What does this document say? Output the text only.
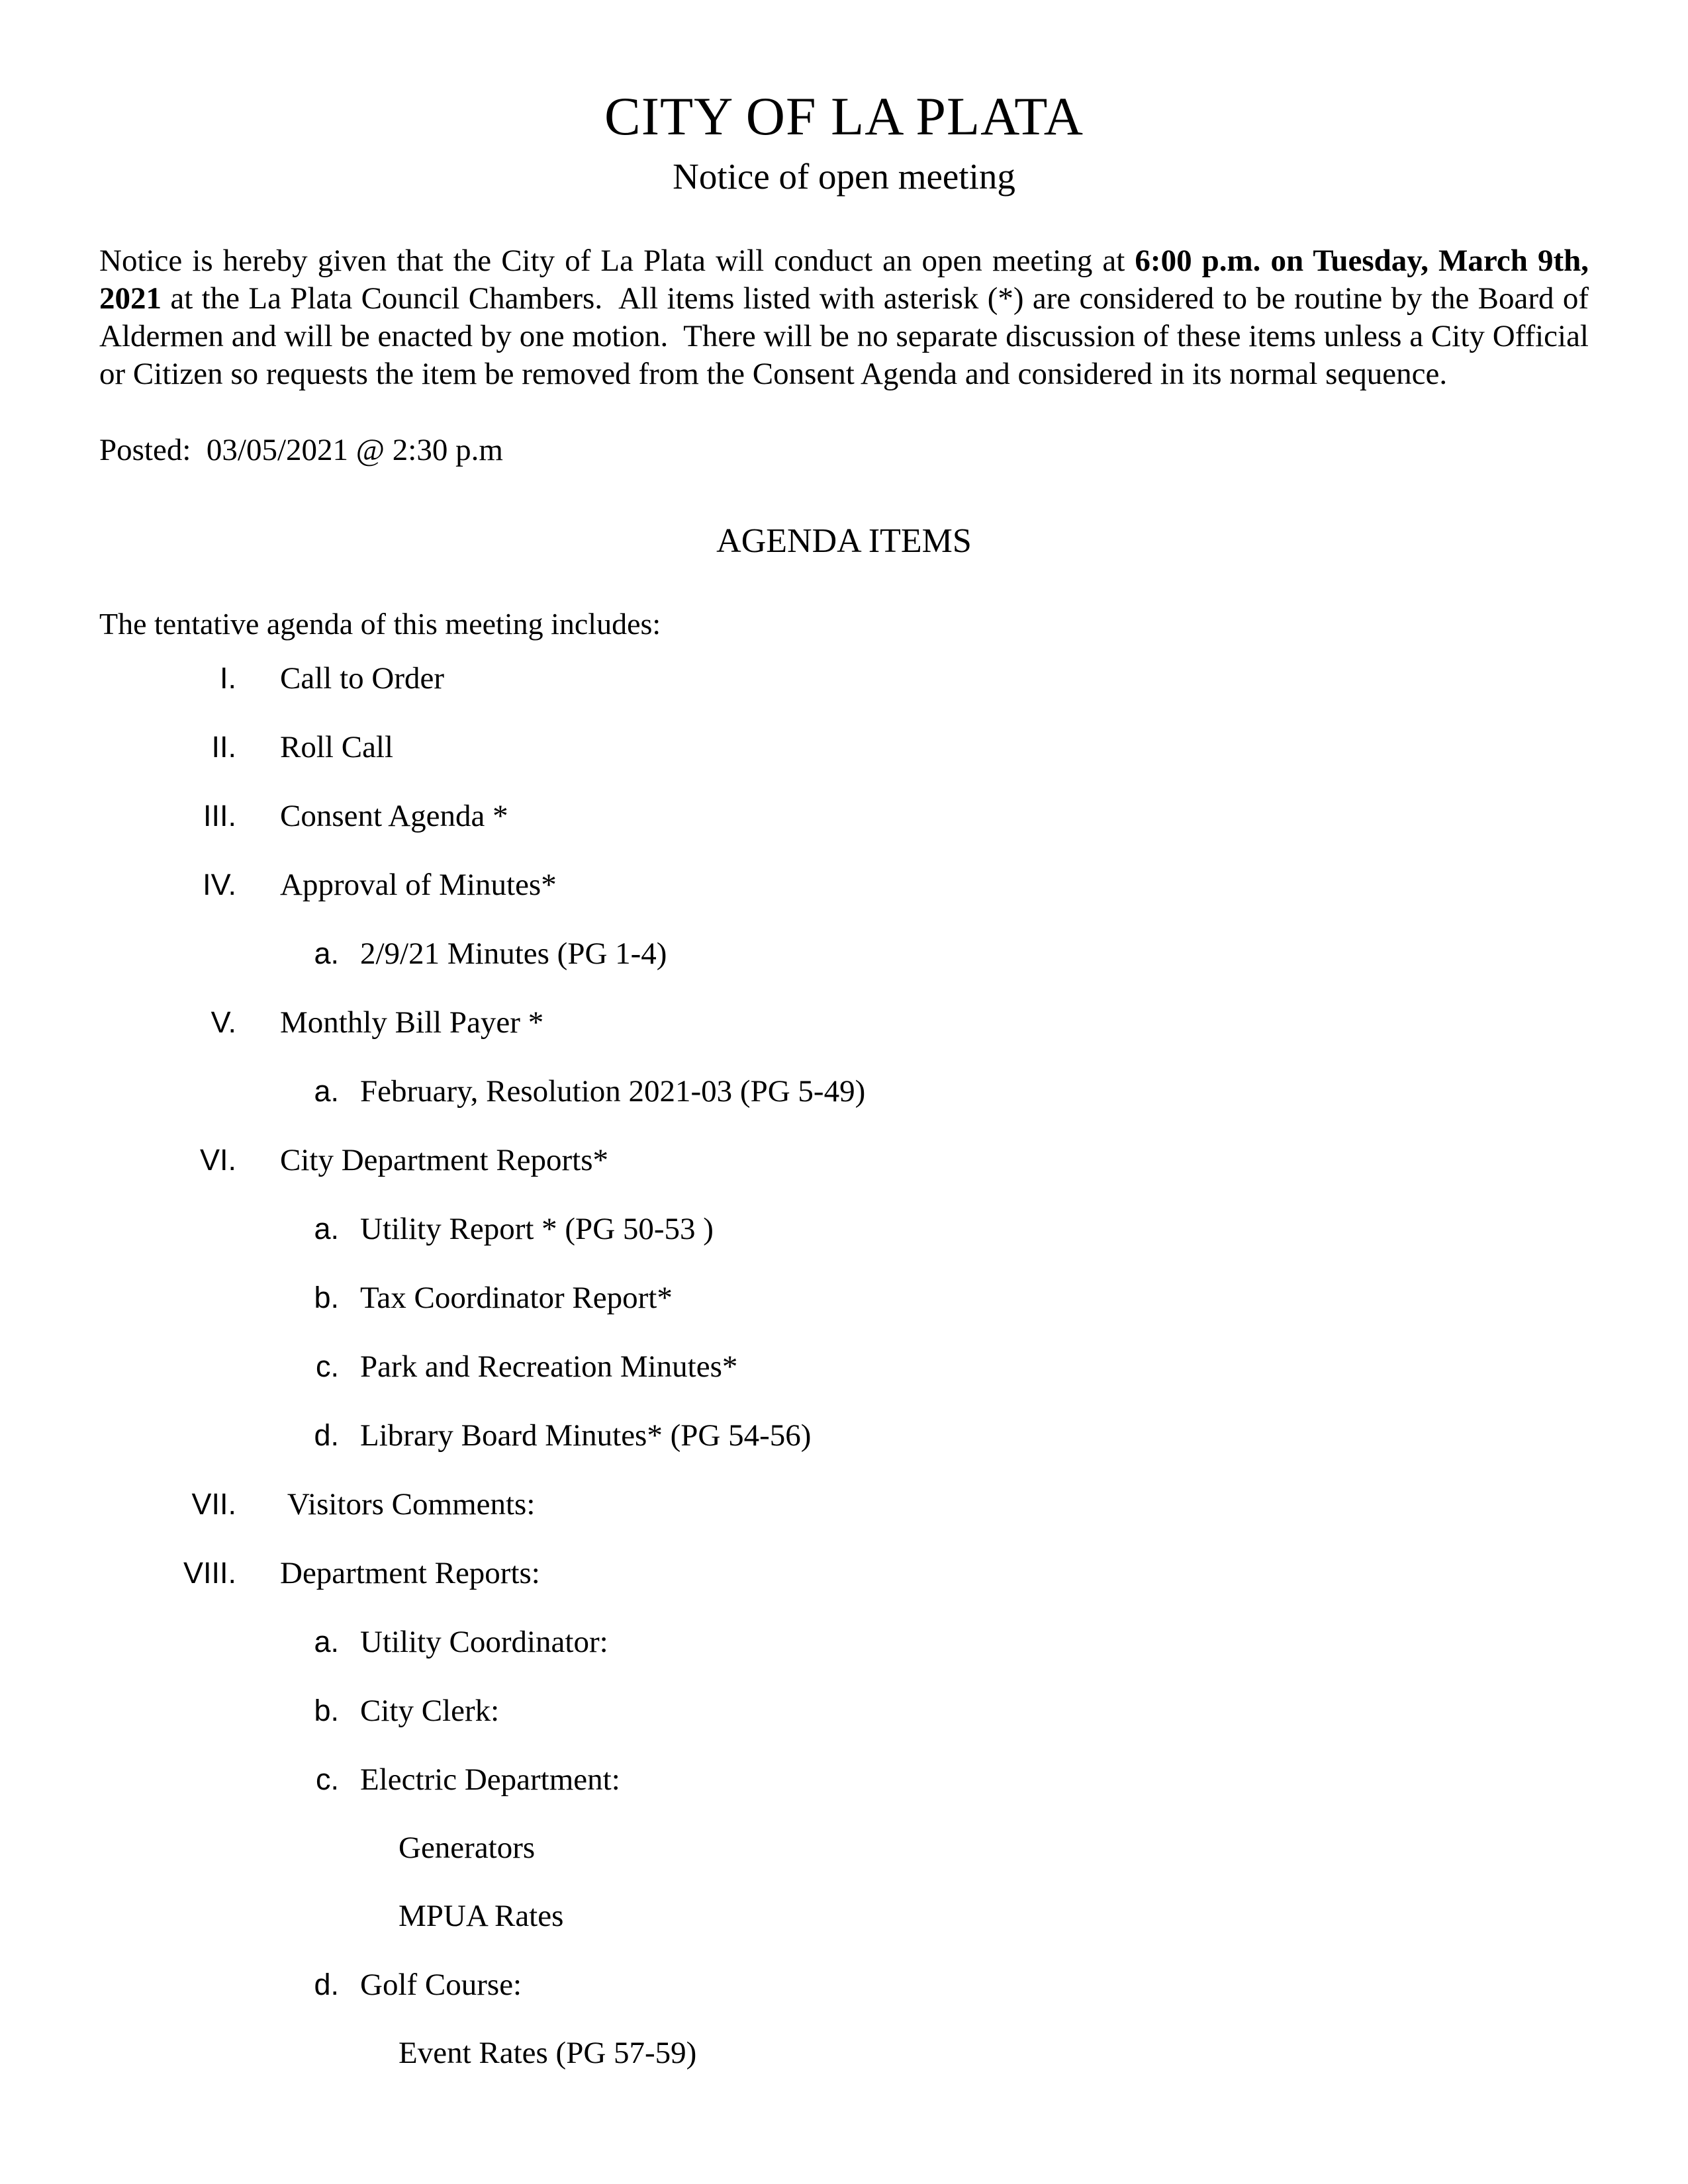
CITY OF LA PLATA
Notice of open meeting

Notice is hereby given that the City of La Plata will conduct an open meeting at 6:00 p.m. on Tuesday, March 9th, 2021 at the La Plata Council Chambers.  All items listed with asterisk (*) are considered to be routine by the Board of Aldermen and will be enacted by one motion.  There will be no separate discussion of these items unless a City Official or Citizen so requests the item be removed from the Consent Agenda and considered in its normal sequence.

Posted:  03/05/2021 @ 2:30 p.m
AGENDA ITEMS
The tentative agenda of this meeting includes:
I. Call to Order
II. Roll Call
III. Consent Agenda *
IV. Approval of Minutes*
a. 2/9/21 Minutes (PG 1-4)
V. Monthly Bill Payer *
a. February, Resolution 2021-03 (PG 5-49)
VI. City Department Reports*
a. Utility Report * (PG 50-53 )
b. Tax Coordinator Report*
c. Park and Recreation Minutes*
d. Library Board Minutes* (PG 54-56)
VII. Visitors Comments:
VIII. Department Reports:
a. Utility Coordinator:
b. City Clerk:
c. Electric Department:
Generators
MPUA Rates
d. Golf Course:
Event Rates (PG 57-59)
